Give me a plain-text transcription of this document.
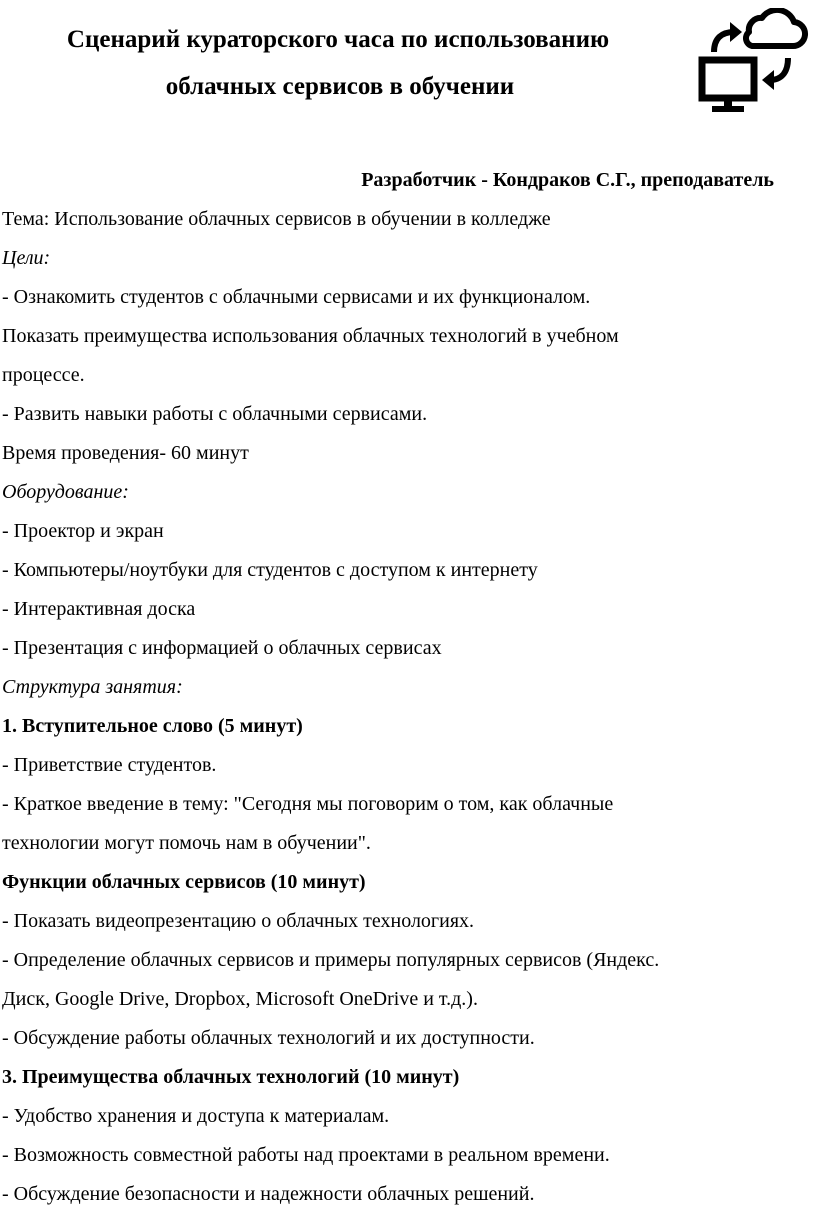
Сценарий кураторского часа по использованию
облачных сервисов в обучении
Разработчик - Кондраков С.Г., преподаватель
Тема: Использование облачных сервисов в обучении в колледже
Цели:
- Ознакомить студентов с облачными сервисами и их функционалом.
Показать преимущества использования облачных технологий в учебном
процессе.
- Развить навыки работы с облачными сервисами.
Время проведения- 60 минут
Оборудование:
- Проектор и экран
- Компьютеры/ноутбуки для студентов с доступом к интернету
- Интерактивная доска
- Презентация с информацией о облачных сервисах
Структура занятия:
1. Вступительное слово (5 минут)
- Приветствие студентов.
- Краткое введение в тему: "Сегодня мы поговорим о том, как облачные
технологии могут помочь нам в обучении".
Функции облачных сервисов (10 минут)
- Показать видеопрезентацию о облачных технологиях.
- Определение облачных сервисов и примеры популярных сервисов (Яндекс.
Диск, Google Drive, Dropbox, Microsoft OneDrive и т.д.).
- Обсуждение работы облачных технологий и их доступности.
3. Преимущества облачных технологий (10 минут)
- Удобство хранения и доступа к материалам.
- Возможность совместной работы над проектами в реальном времени.
- Обсуждение безопасности и надежности облачных решений.
